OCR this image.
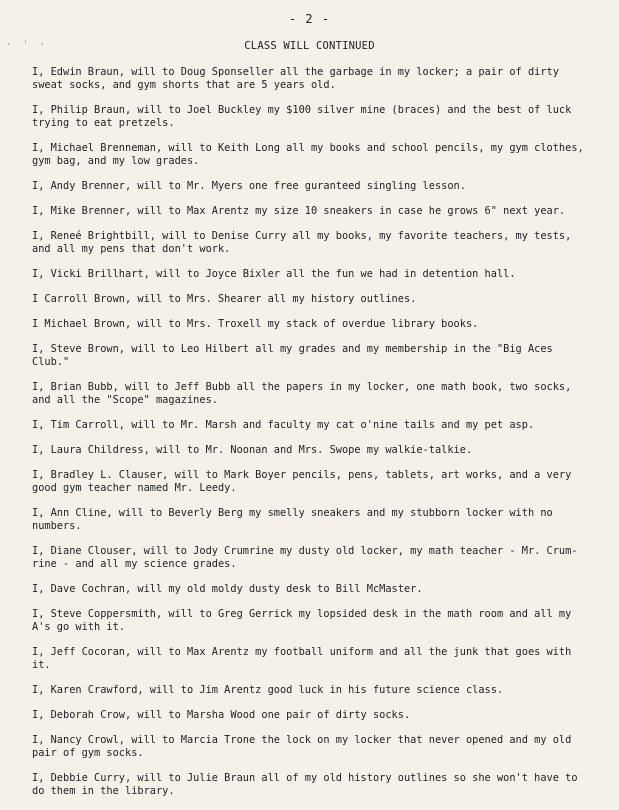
- 2 -
· ' ·	CLASS WILL CONTINUED

I, Edwin Braun, will to Doug Sponseller all the garbage in my locker; a pair of dirty
sweat socks, and gym shorts that are 5 years old.

I, Philip Braun, will to Joel Buckley my $100 silver mine (braces) and the best of luck
trying to eat pretzels.

I, Michael Brenneman, will to Keith Long all my books and school pencils, my gym clothes,
gym bag, and my low grades.

I, Andy Brenner, will to Mr. Myers one free guranteed singling lesson.

I, Mike Brenner, will to Max Arentz my size 10 sneakers in case he grows 6" next year.

I, Reneé Brightbill, will to Denise Curry all my books, my favorite teachers, my tests,
and all my pens that don't work.

I, Vicki Brillhart, will to Joyce Bixler all the fun we had in detention hall.

I Carroll Brown, will to Mrs. Shearer all my history outlines.

I Michael Brown, will to Mrs. Troxell my stack of overdue library books.

I, Steve Brown, will to Leo Hilbert all my grades and my membership in the "Big Aces
Club."

I, Brian Bubb, will to Jeff Bubb all the papers in my locker, one math book, two socks,
and all the "Scope" magazines.

I, Tim Carroll, will to Mr. Marsh and faculty my cat o'nine tails and my pet asp.

I, Laura Childress, will to Mr. Noonan and Mrs. Swope my walkie-talkie.

I, Bradley L. Clauser, will to Mark Boyer pencils, pens, tablets, art works, and a very
good gym teacher named Mr. Leedy.

I, Ann Cline, will to Beverly Berg my smelly sneakers and my stubborn locker with no
numbers.

I, Diane Clouser, will to Jody Crumrine my dusty old locker, my math teacher - Mr. Crum-
rine - and all my science grades.

I, Dave Cochran, will my old moldy dusty desk to Bill McMaster.

I, Steve Coppersmith, will to Greg Gerrick my lopsided desk in the math room and all my
A's go with it.

I, Jeff Cocoran, will to Max Arentz my football uniform and all the junk that goes with it.

I, Karen Crawford, will to Jim Arentz good luck in his future science class.

I, Deborah Crow, will to Marsha Wood one pair of dirty socks.

I, Nancy Crowl, will to Marcia Trone the lock on my locker that never opened and my old
pair of gym socks.

I, Debbie Curry, will to Julie Braun all of my old history outlines so she won't have to
do them in the library.
